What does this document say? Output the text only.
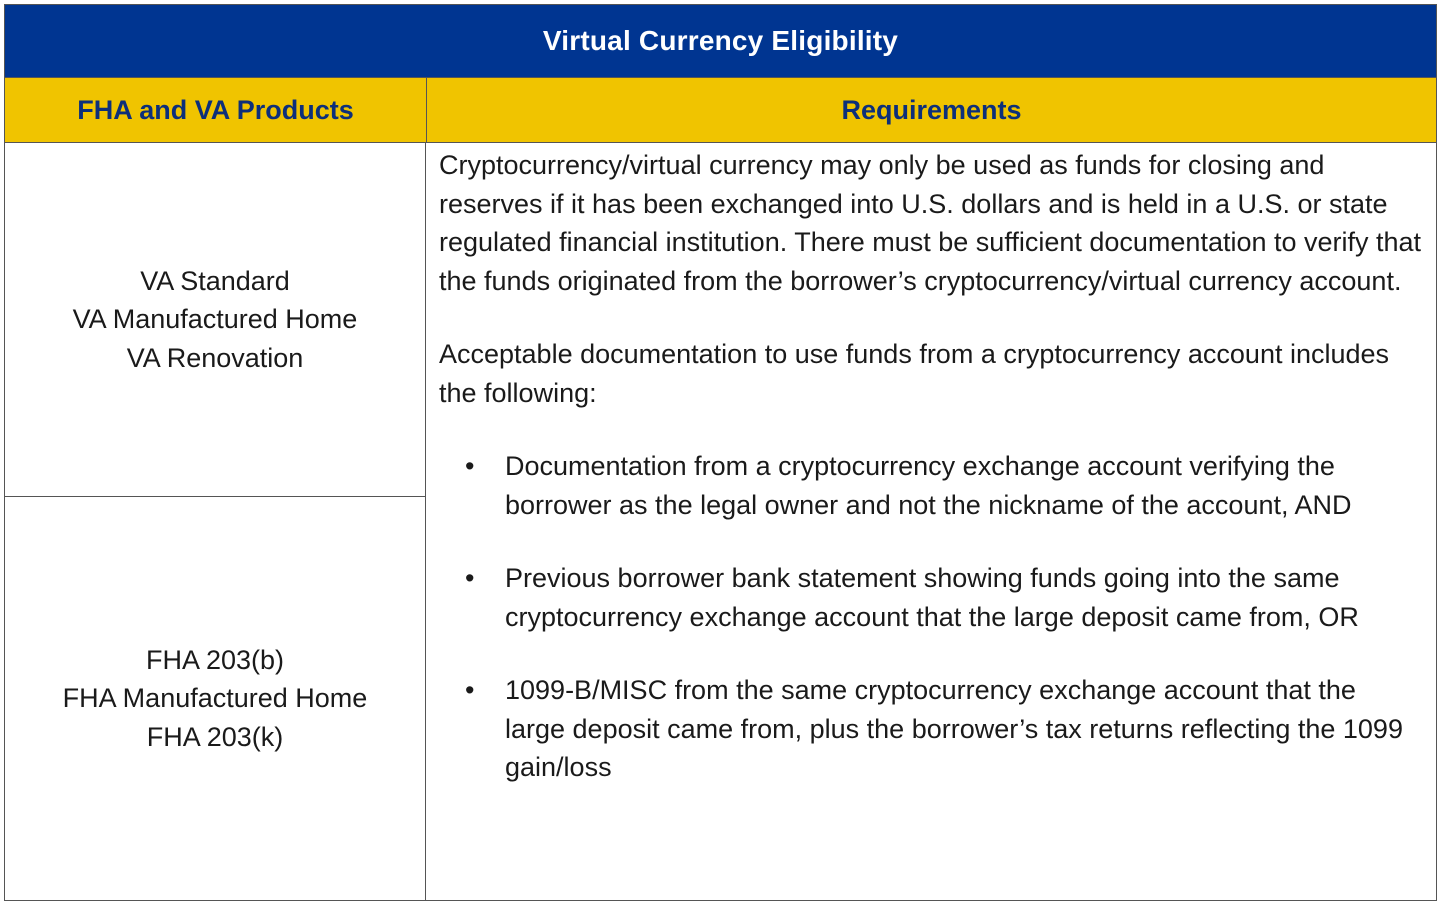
Virtual Currency Eligibility
FHA and VA Products	Requirements
VA Standard
VA Manufactured Home
VA Renovation
FHA 203(b)
FHA Manufactured Home
FHA 203(k)

Cryptocurrency/virtual currency may only be used as funds for closing and reserves if it has been exchanged into U.S. dollars and is held in a U.S. or state regulated financial institution. There must be sufficient documentation to verify that the funds originated from the borrower’s cryptocurrency/virtual currency account.

Acceptable documentation to use funds from a cryptocurrency account includes the following:

• Documentation from a cryptocurrency exchange account verifying the borrower as the legal owner and not the nickname of the account, AND
• Previous borrower bank statement showing funds going into the same cryptocurrency exchange account that the large deposit came from, OR
• 1099-B/MISC from the same cryptocurrency exchange account that the large deposit came from, plus the borrower’s tax returns reflecting the 1099 gain/loss
